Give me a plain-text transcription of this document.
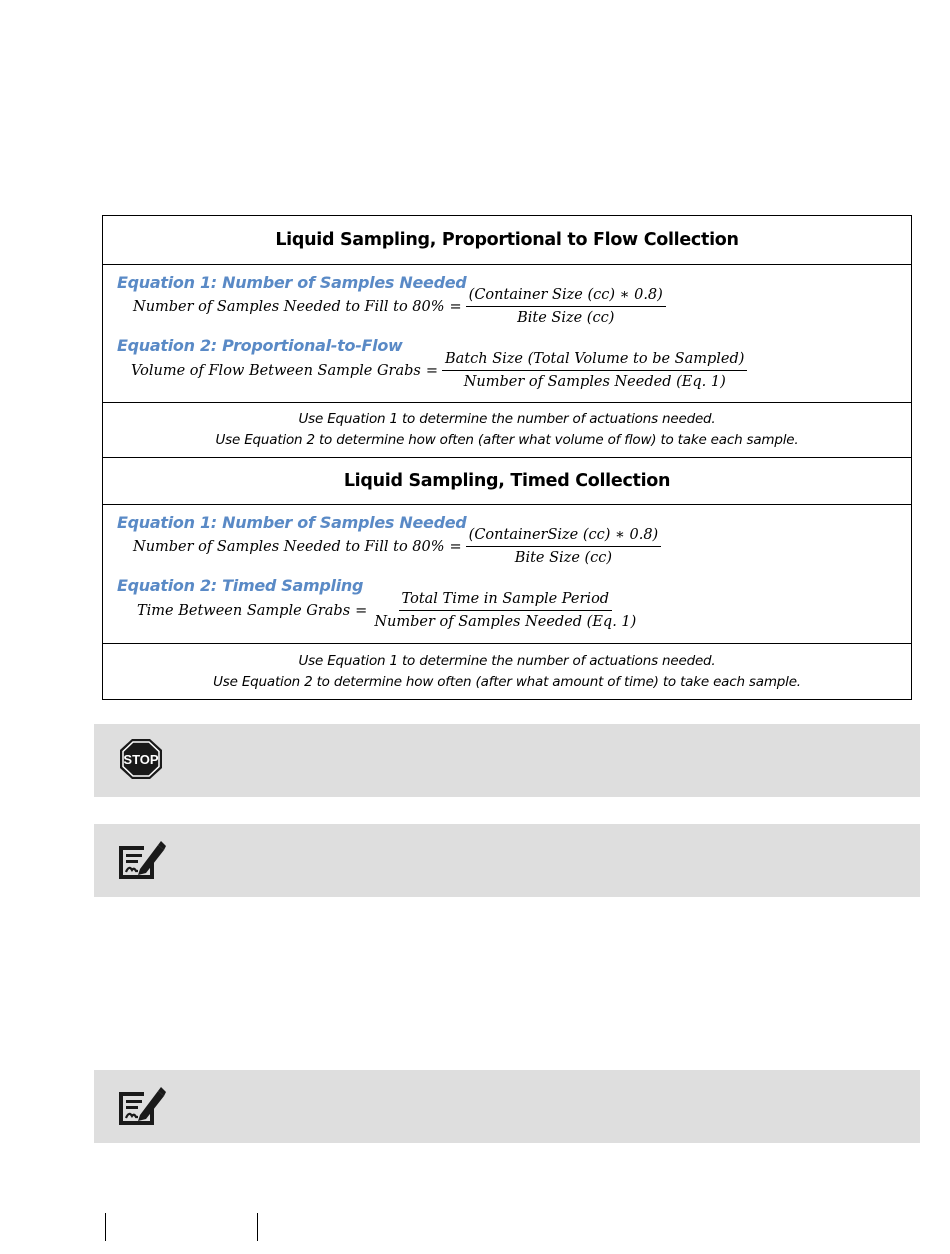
Liquid Sampling, Proportional to Flow Collection
Equation 1: Number of Samples Needed
Number of Samples Needed to Fill to $80\% = \frac{\text{(Container Size (cc) ∗ 0.8)}}{\text{Bite Size (cc)}}$
Equation 2: Proportional-to-Flow
Volume of Flow Between Sample Grabs = $\frac{\text{Batch Size (Total Volume to be Sampled)}}{\text{Number of Samples Needed (Eq. 1)}}$
Use Equation 1 to determine the number of actuations needed.
Use Equation 2 to determine how often (after what volume of flow) to take each sample.
Liquid Sampling, Timed Collection
Equation 1: Number of Samples Needed
Number of Samples Needed to Fill to $80\% = \frac{\text{(ContainerSize (cc) ∗ 0.8)}}{\text{Bite Size (cc)}}$
Equation 2: Timed Sampling
Time Between Sample Grabs = $\frac{\text{Total Time in Sample Period}}{\text{Number of Samples Needed (Eq. 1)}}$
Use Equation 1 to determine the number of actuations needed.
Use Equation 2 to determine how often (after what amount of time) to take each sample.
STOP
